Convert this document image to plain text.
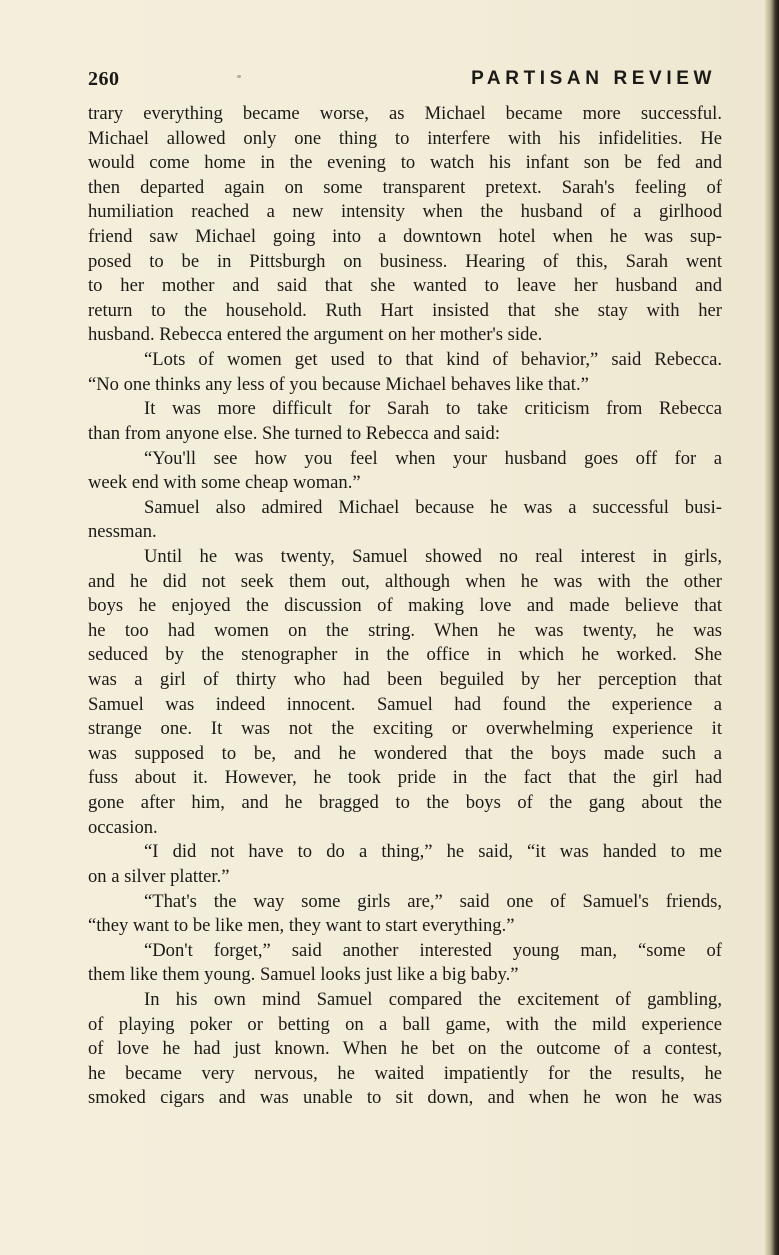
260	PARTISAN REVIEW
trary everything became worse, as Michael became more successful.
Michael allowed only one thing to interfere with his infidelities. He
would come home in the evening to watch his infant son be fed and
then departed again on some transparent pretext. Sarah's feeling of
humiliation reached a new intensity when the husband of a girlhood
friend saw Michael going into a downtown hotel when he was sup-
posed to be in Pittsburgh on business. Hearing of this, Sarah went
to her mother and said that she wanted to leave her husband and
return to the household. Ruth Hart insisted that she stay with her
husband. Rebecca entered the argument on her mother's side.
“Lots of women get used to that kind of behavior,” said Rebecca.
“No one thinks any less of you because Michael behaves like that.”
It was more difficult for Sarah to take criticism from Rebecca
than from anyone else. She turned to Rebecca and said:
“You'll see how you feel when your husband goes off for a
week end with some cheap woman.”
Samuel also admired Michael because he was a successful busi-
nessman.
Until he was twenty, Samuel showed no real interest in girls,
and he did not seek them out, although when he was with the other
boys he enjoyed the discussion of making love and made believe that
he too had women on the string. When he was twenty, he was
seduced by the stenographer in the office in which he worked. She
was a girl of thirty who had been beguiled by her perception that
Samuel was indeed innocent. Samuel had found the experience a
strange one. It was not the exciting or overwhelming experience it
was supposed to be, and he wondered that the boys made such a
fuss about it. However, he took pride in the fact that the girl had
gone after him, and he bragged to the boys of the gang about the
occasion.
“I did not have to do a thing,” he said, “it was handed to me
on a silver platter.”
“That's the way some girls are,” said one of Samuel's friends,
“they want to be like men, they want to start everything.”
“Don't forget,” said another interested young man, “some of
them like them young. Samuel looks just like a big baby.”
In his own mind Samuel compared the excitement of gambling,
of playing poker or betting on a ball game, with the mild experience
of love he had just known. When he bet on the outcome of a contest,
he became very nervous, he waited impatiently for the results, he
smoked cigars and was unable to sit down, and when he won he was
